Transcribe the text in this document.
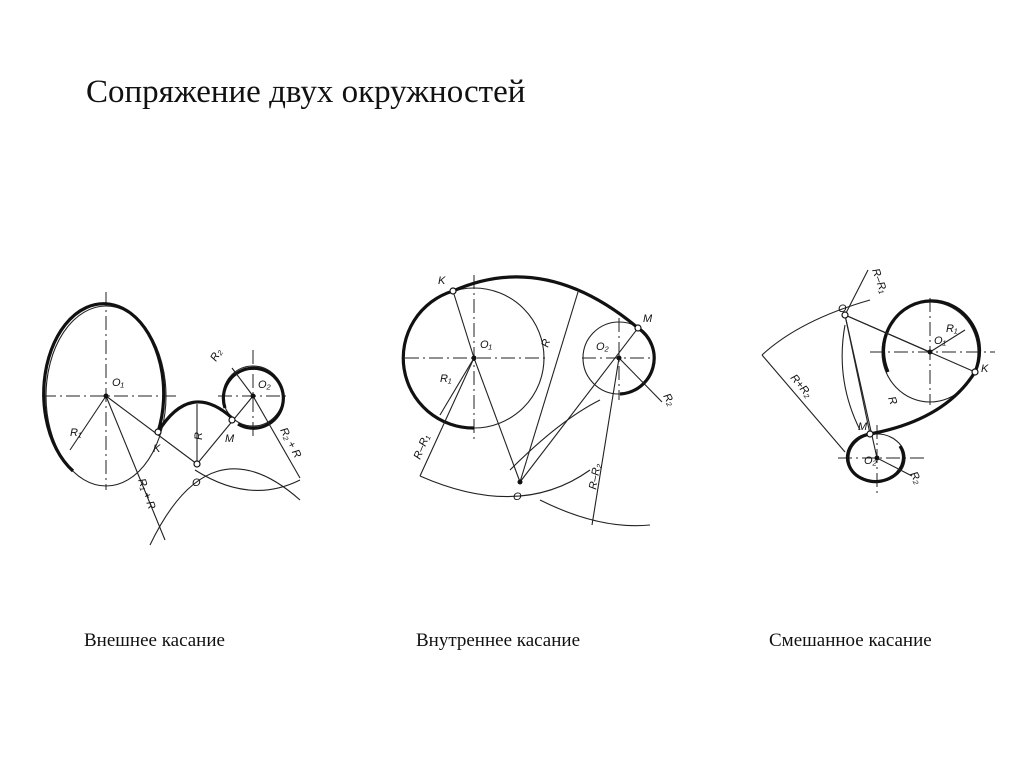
Сопряжение двух окружностей
O₁	O₂
K
M
O
R₁	R
R₂
R₁ + R
R₂ + R
K
M
O₁	O₂
O
R₁
R
R₂
R–R₁
R–R₂
O
O₁
O₂
K
M
R₁
R₂
R
R–R₁
R+R₂
Внешнее касание	Внутреннее касание	Смешанное касание
